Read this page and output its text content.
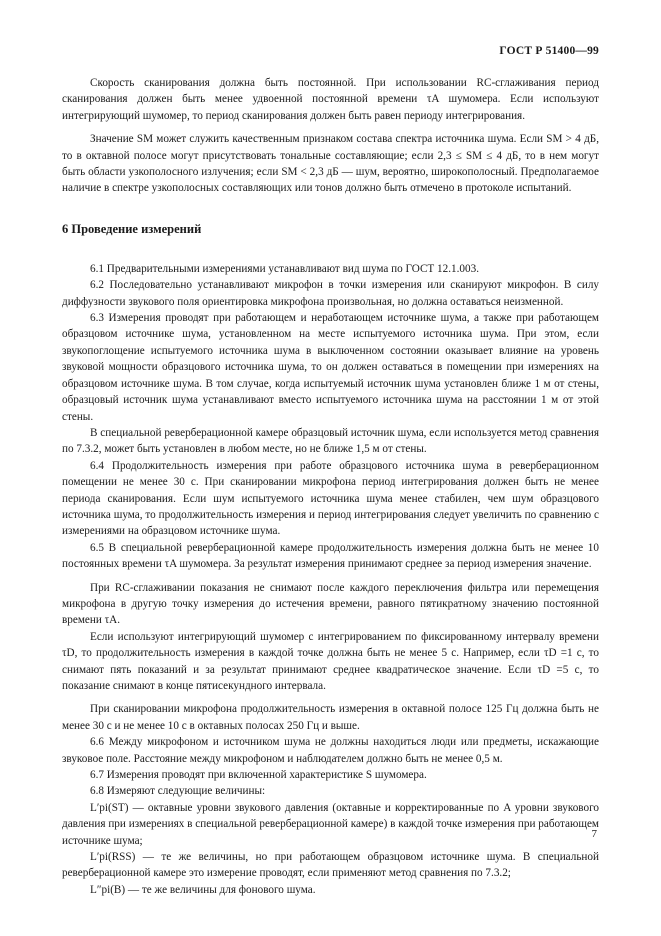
ГОСТ Р 51400—99

Скорость сканирования должна быть постоянной. При использовании RC-сглаживания период сканирования должен быть менее удвоенной постоянной времени τA шумомера. Если используют интегрирующий шумомер, то период сканирования должен быть равен периоду интегрирования.

Значение SM может служить качественным признаком состава спектра источника шума. Если SM > 4 дБ, то в октавной полосе могут присутствовать тональные составляющие; если 2,3 ≤ SM ≤ 4 дБ, то в нем могут быть области узкополосного излучения; если SM < 2,3 дБ — шум, вероятно, широкополосный. Предполагаемое наличие в спектре узкополосных составляющих или тонов должно быть отмечено в протоколе испытаний.

6 Проведение измерений

6.1 Предварительными измерениями устанавливают вид шума по ГОСТ 12.1.003.

6.2 Последовательно устанавливают микрофон в точки измерения или сканируют микрофон. В силу диффузности звукового поля ориентировка микрофона произвольная, но должна оставаться неизменной.

6.3 Измерения проводят при работающем и неработающем источнике шума, а также при работающем образцовом источнике шума, установленном на месте испытуемого источника шума. При этом, если звукопоглощение испытуемого источника шума в выключенном состоянии оказывает влияние на уровень звуковой мощности образцового источника шума, то он должен оставаться в помещении при измерениях на образцовом источнике шума. В том случае, когда испытуемый источник шума установлен ближе 1 м от стены, образцовый источник шума устанавливают вместо испытуемого источника шума на расстоянии 1 м от этой стены.

В специальной реверберационной камере образцовый источник шума, если используется метод сравнения по 7.3.2, может быть установлен в любом месте, но не ближе 1,5 м от стены.

6.4 Продолжительность измерения при работе образцового источника шума в реверберационном помещении не менее 30 с. При сканировании микрофона период интегрирования должен быть не менее периода сканирования. Если шум испытуемого источника шума менее стабилен, чем шум образцового источника шума, то продолжительность измерения и период интегрирования следует увеличить по сравнению с измерениями на образцовом источнике шума.

6.5 В специальной реверберационной камере продолжительность измерения должна быть не менее 10 постоянных времени τA шумомера. За результат измерения принимают среднее за период измерения значение.

При RC-сглаживании показания не снимают после каждого переключения фильтра или перемещения микрофона в другую точку измерения до истечения времени, равного пятикратному значению постоянной времени τA.

Если используют интегрирующий шумомер с интегрированием по фиксированному интервалу времени τD, то продолжительность измерения в каждой точке должна быть не менее 5 с. Например, если τD =1 с, то снимают пять показаний и за результат принимают среднее квадратическое значение. Если τD =5 с, то показание снимают в конце пятисекундного интервала.

При сканировании микрофона продолжительность измерения в октавной полосе 125 Гц должна быть не менее 30 с и не менее 10 с в октавных полосах 250 Гц и выше.

6.6 Между микрофоном и источником шума не должны находиться люди или предметы, искажающие звуковое поле. Расстояние между микрофоном и наблюдателем должно быть не менее 0,5 м.

6.7 Измерения проводят при включенной характеристике S шумомера.

6.8 Измеряют следующие величины:

L′pi(ST) — октавные уровни звукового давления (октавные и корректированные по A уровни звукового давления при измерениях в специальной реверберационной камере) в каждой точке измерения при работающем источнике шума;

L′pi(RSS) — те же величины, но при работающем образцовом источнике шума. В специальной реверберационной камере это измерение проводят, если применяют метод сравнения по 7.3.2;

L″pi(B) — те же величины для фонового шума.

7
